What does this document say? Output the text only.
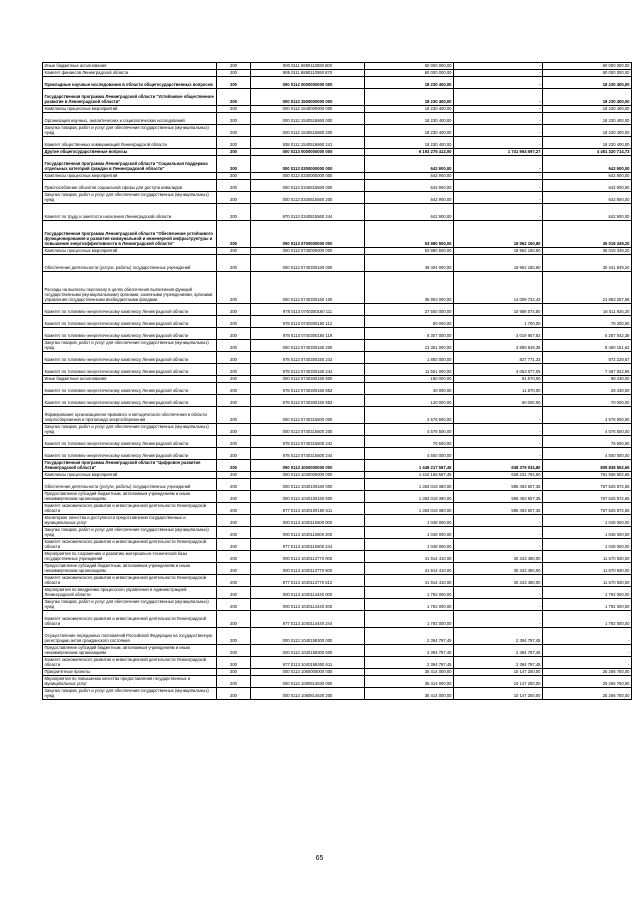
Иные бюджетные ассигнования	200	000 0111 6890110060 800	60 000 000,00	-	60 000 000,00
Комитет финансов Ленинградской области	200	985 0111 6890110060 870	60 000 000,00	-	60 000 000,00
Прикладные научные исследования в области общегосударственных вопросов	200	000 0112 0000000000 000	18 230 400,00	-	18 230 400,00
Государственная программа Ленинградской области "Устойчивое общественное развитие в Ленинградской области"	200	000 0112 1500000000 000	18 230 400,00	-	18 230 400,00
Комплексы процессных мероприятий	200	000 0112 1540000000 000	18 230 400,00	-	18 230 400,00
Организация научных, аналитических и социологических исследований	200	000 0112 1540516860 000	18 230 400,00	-	18 230 400,00
Закупка товаров, работ и услуг для обеспечения государственных (муниципальных) нужд	200	000 0112 1540516860 200	18 230 400,00	-	18 230 400,00
Комитет общественных коммуникаций Ленинградской области	200	938 0112 1540516860 241	18 230 400,00	-	18 230 400,00
Другие общегосударственные вопросы	200	000 0113 0000000000 000	6 193 275 412,00	1 741 954 697,27	4 451 320 714,73
Государственная программа Ленинградской области "Социальная поддержка отдельных категорий граждан в Ленинградской области"	200	000 0113 0300000000 000	642 900,00	-	642 900,00
Комплексы процессных мероприятий	200	000 0113 0340000000 000	642 900,00	-	642 900,00
Приспособление объектов социальной сферы для доступа инвалидов	200	000 0113 0340815560 000	642 900,00	-	642 900,00
Закупка товаров, работ и услуг для обеспечения государственных (муниципальных) нужд	200	000 0113 0340815560 200	642 900,00	-	642 900,00
Комитет по труду и занятости населения Ленинградской области	200	970 0113 0340815560 244	642 900,00	-	642 900,00
Государственная программа Ленинградской области "Обеспечение устойчивого функционирования и развития коммунальной и инженерной инфраструктуры и повышение энергоэффективности в Ленинградской области"	200	000 0113 0700000000 000	53 980 500,00	18 962 150,80	35 018 349,20
Комплексы процессных мероприятий	200	000 0113 0740000000 000	53 980 500,00	18 962 150,80	35 018 349,20
Обеспечение деятельности (услуги, работы) государственных учреждений	200	000 0113 0740300160 000	49 404 000,00	18 962 150,80	30 441 849,20
Расходы на выплаты персоналу в целях обеспечения выполнения функций государственными (муниципальными) органами, казенными учреждениями, органами управления государственными внебюджетными фондами	200	000 0113 0740300160 100	35 893 000,00	14 009 732,42	21 883 267,58
Комитет по топливно-энергетическому комплексу Ленинградской области	200	978 0113 0740300160 111	27 500 000,00	10 988 074,80	16 511 925,20
Комитет по топливно-энергетическому комплексу Ленинградской области	200	978 0113 0740300160 112	80 000,00	1 700,00	78 300,00
Комитет по топливно-энергетическому комплексу Ленинградской области	200	978 0113 0740300160 119	8 307 000,00	3 019 957,62	5 287 042,38
Закупка товаров, работ и услуг для обеспечения государственных (муниципальных) нужд	200	000 0113 0740300160 200	13 351 000,00	4 890 848,38	8 460 151,62
Комитет по топливно-энергетическому комплексу Ленинградской области	200	978 0113 0740300160 242	1 800 000,00	827 771,33	972 228,67
Комитет по топливно-энергетическому комплексу Ленинградской области	200	978 0113 0740300160 244	11 551 000,00	4 063 077,05	7 487 922,95
Иные бюджетные ассигнования	200	000 0113 0740300160 800	160 000,00	61 570,00	98 430,00
Комитет по топливно-энергетическому комплексу Ленинградской области	200	978 0113 0740300160 852	40 000,00	11 570,00	28 430,00
Комитет по топливно-энергетическому комплексу Ленинградской области	200	978 0113 0740300160 853	120 000,00	50 000,00	70 000,00
Формирование организационно-правового и методического обеспечения в области энергосбережения и пропаганда энергосбережения	200	000 0113 0740315500 000	4 576 500,00	-	4 576 500,00
Закупка товаров, работ и услуг для обеспечения государственных (муниципальных) нужд	200	000 0113 0740315500 200	4 576 500,00	-	4 576 500,00
Комитет по топливно-энергетическому комплексу Ленинградской области	200	978 0113 0740315500 242	76 500,00	-	76 500,00
Комитет по топливно-энергетическому комплексу Ленинградской области	200	978 0113 0740315500 244	4 500 000,00	-	4 500 000,00
Государственная программа Ленинградской области "Цифровое развитие Ленинградской области"	200	000 0113 1000000000 000	1 448 217 587,45	638 379 034,80	809 838 552,65
Комплексы процессных мероприятий	200	000 0113 1040000000 000	1 410 168 587,45	628 231 784,80	781 936 802,65
Обеспечение деятельности (услуги, работы) государственных учреждений	200	000 0113 1040100160 000	1 363 019 380,00	595 493 507,35	767 525 872,65
Предоставление субсидий бюджетным, автономным учреждениям и иным некоммерческим организациям	200	000 0113 1040100160 600	1 363 019 380,00	595 493 507,35	767 525 872,65
Комитет экономического развития и инвестиционной деятельности Ленинградской области	200	977 0113 1040100160 611	1 363 019 380,00	595 493 507,35	767 525 872,65
Мониторинг качества и доступности предоставления государственных и муниципальных услуг	200	000 0113 1040110600 000	1 048 000,00	-	1 048 000,00
Закупка товаров, работ и услуг для обеспечения государственных (муниципальных) нужд	200	000 0113 1040110600 200	1 048 000,00	-	1 048 000,00
Комитет экономического развития и инвестиционной деятельности Ленинградской области	200	977 0113 1040110600 244	1 048 000,00	-	1 048 000,00
Мероприятия по сохранению и развитию материально-технической базы государственных учреждений	200	000 0113 1040113770 000	41 914 410,00	30 343 480,00	11 570 930,00
Предоставление субсидий бюджетным, автономным учреждениям и иным некоммерческим организациям	200	000 0113 1040113770 600	41 914 410,00	30 343 480,00	11 570 930,00
Комитет экономического развития и инвестиционной деятельности Ленинградской области	200	977 0113 1040113770 612	41 914 410,00	30 343 480,00	11 570 930,00
Мероприятия по внедрению процессного управления в Администрацией Ленинградской области	200	000 0113 1040114440 000	1 792 000,00	-	1 792 000,00
Закупка товаров, работ и услуг для обеспечения государственных (муниципальных) нужд	200	000 0113 1040114440 200	1 792 000,00	-	1 792 000,00
Комитет экономического развития и инвестиционной деятельности Ленинградской области	200	977 0113 1040114440 244	1 792 000,00	-	1 792 000,00
Осуществление переданных полномочий Российской Федерации на государственную регистрацию актов гражданского состояния	200	000 0113 1040159300 000	2 394 797,45	2 394 797,45	-
Предоставление субсидий бюджетным, автономным учреждениям и иным некоммерческим организациям	200	000 0113 1040159300 600	2 394 797,45	2 394 797,45	-
Комитет экономического развития и инвестиционной деятельности Ленинградской области	200	977 0113 1040159300 611	2 394 797,45	2 394 797,45	-
Приоритетные проекты	200	000 0113 1060000000 000	35 414 000,00	10 147 250,00	25 266 750,00
Мероприятия по повышению качества предоставления государственных и муниципальных услуг	200	000 0113 1060814630 000	35 414 000,00	10 147 250,00	25 266 750,00
Закупка товаров, работ и услуг для обеспечения государственных (муниципальных) нужд	200	000 0113 1060814630 200	35 414 000,00	10 147 250,00	25 266 750,00
65
